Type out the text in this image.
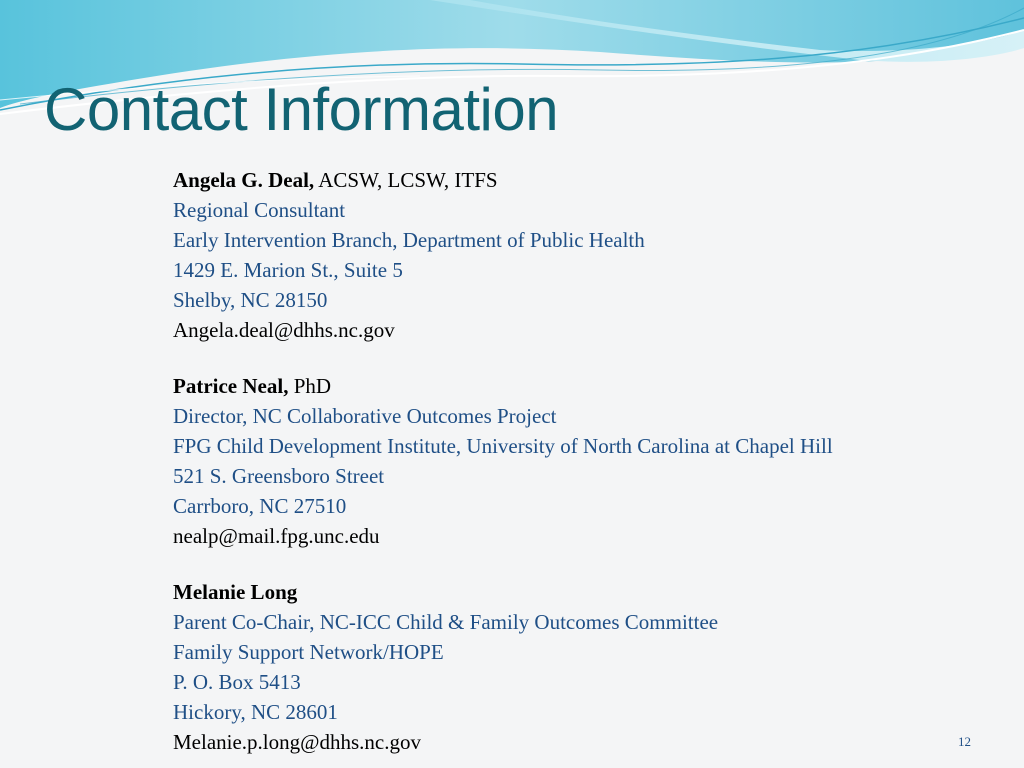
Contact Information
Angela G. Deal, ACSW, LCSW, ITFS
Regional Consultant
Early Intervention Branch, Department of Public Health
1429 E. Marion St., Suite 5
Shelby, NC 28150
Angela.deal@dhhs.nc.gov
Patrice Neal, PhD
Director, NC Collaborative Outcomes Project
FPG Child Development Institute, University of North Carolina at Chapel Hill
521 S. Greensboro Street
Carrboro, NC 27510
nealp@mail.fpg.unc.edu
Melanie Long
Parent Co-Chair, NC-ICC Child & Family Outcomes Committee
Family Support Network/HOPE
P. O. Box 5413
Hickory, NC 28601
Melanie.p.long@dhhs.nc.gov	12
